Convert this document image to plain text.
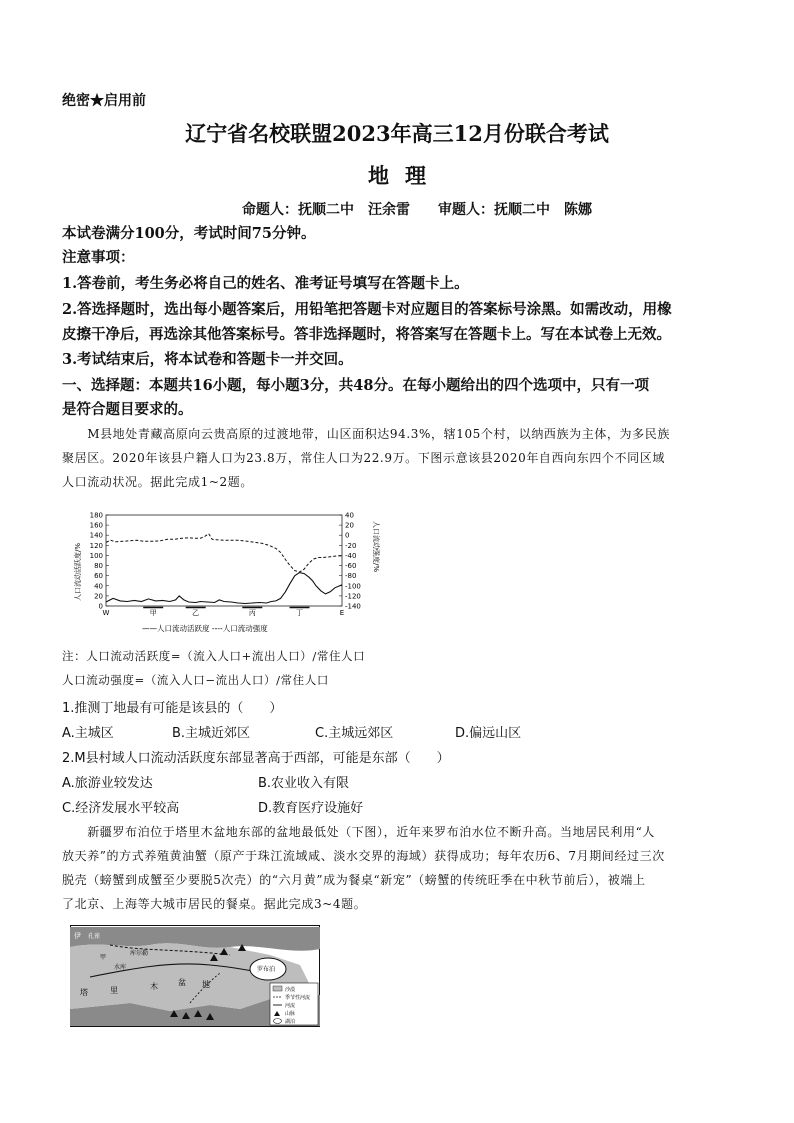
绝密★启用前
辽宁省名校联盟2023年高三12月份联合考试
地理
命题人：抚顺二中　汪余雷　　审题人：抚顺二中　陈娜
本试卷满分100分，考试时间75分钟。
注意事项：
1.答卷前，考生务必将自己的姓名、准考证号填写在答题卡上。
2.答选择题时，选出每小题答案后，用铅笔把答题卡对应题目的答案标号涂黑。如需改动，用橡
皮擦干净后，再选涂其他答案标号。答非选择题时，将答案写在答题卡上。写在本试卷上无效。
3.考试结束后，将本试卷和答题卡一并交回。
一、选择题：本题共16小题，每小题3分，共48分。在每小题给出的四个选项中，只有一项
是符合题目要求的。
　　M县地处青藏高原向云贵高原的过渡地带，山区面积达94.3%，辖105个村，以纳西族为主体，为多民族
聚居区。2020年该县户籍人口为23.8万，常住人口为22.9万。下图示意该县2020年自西向东四个不同区域
人口流动状况。据此完成1~2题。
人口流动活跃度/%	人口流动强度/%
0
20
40
60
80
100
120
140
160
180	40
20
0
-20
-40
-60
-80
-100
-120
-140
W	甲	乙	丙	丁	E
——人口流动活跃度 ----人口流动强度
注：人口流动活跃度=（流入人口+流出人口）/常住人口
人口流动强度=（流入人口−流出人口）/常住人口
1.推测丁地最有可能是该县的（　　）
A.主城区	B.主城近郊区	C.主城远郊区	D.偏远山区
2.M县村域人口流动活跃度东部显著高于西部，可能是东部（　　）
A.旅游业较发达	B.农业收入有限
C.经济发展水平较高	D.教育医疗设施好
　　新疆罗布泊位于塔里木盆地东部的盆地最低处（下图），近年来罗布泊水位不断升高。当地居民利用“人
放天养”的方式养殖黄油蟹（原产于珠江流域咸、淡水交界的海域）获得成功；每年农历6、7月期间经过三次
脱壳（螃蟹到成蟹至少要脱5次壳）的“六月黄”成为餐桌“新宠”（螃蟹的传统旺季在中秋节前后），被端上
了北京、上海等大城市居民的餐桌。据此完成3~4题。
伊 孔雀
甲
水库
库尔勒
塔	里	木	盆 地
罗布泊
沙漠
季节性河流
河流
山脉
湖泊
